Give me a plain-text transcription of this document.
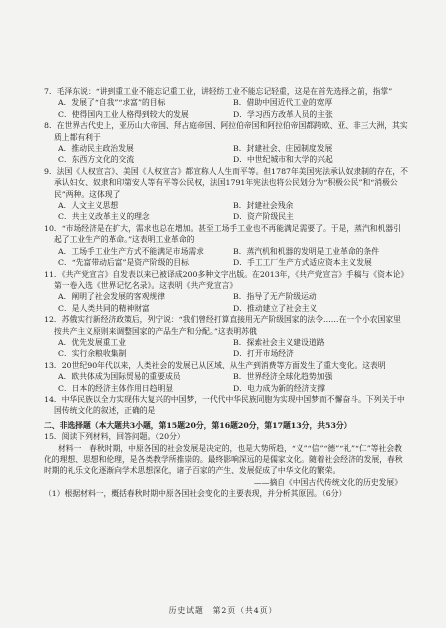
7．毛泽东说：“讲到重工业不能忘记重工业，讲轻纺工业不能忘记轻重，这是在首先选择之前，指掌”
A．发展了“自我”“求富”的目标	B．借助中国近代工业的宽厚
C．使得国内工业人格得到较大的发展	D．学习西方改革人员的主张
8．在世界古代史上，亚历山大帝国、拜占庭帝国、阿拉伯帝国和阿拉伯帝国都跨欧、亚、非三大洲，其实质上都有利于
A．推动民主政治发展	B．封建社会、庄园制度发展
C．东西方文化的交流	D．中世纪城市和大学的兴起
9．法国《人权宣言》、美国《人权宣言》都宣称人人生而平等。但1787年美国宪法承认奴隶制的存在，不承认妇女、奴隶和印第安人等有平等公民权，法国1791年宪法也将公民划分为“积极公民”和“消极公民”两种。这体现了
A．人文主义思想	B．封建社会残余
C．共主义改革主义的理念	D．资产阶级民主
10．“市场经济是在扩大，需求也总在增加。甚至工场手工业也不再能满足需要了。于是，蒸汽和机器引起了工业生产的革命。”这表明工业革命的
A．工场手工业生产方式不能满足市场需求	B．蒸汽机和机器的发明是工业革命的条件
C．“先富带动后富”是资产阶级的目标	D．手工工厂生产方式适应资本主义发展
11．《共产党宣言》自发表以来已被译成200多种文字出版。在2013年，《共产党宣言》手稿与《资本论》第一卷入选《世界记忆名录》。这表明《共产党宣言》
A．阐明了社会发展的客观规律	B．指导了无产阶级运动
C．是人类共同的精神财富	D．推动建立了社会主义
12．苏俄实行新经济政策后，列宁说：“我们曾经打算直接用无产阶级国家的法令……在一个小农国家里按共产主义原则来调整国家的产品生产和分配。”这表明苏俄
A．优先发展重工业	B．探索社会主义建设道路
C．实行余粮收集制	D．打开市场经济
13．20世纪90年代以来，人类社会的发展已从区域、从生产到消费等方面发生了重大变化。这表明
A．欧共体成为国际贸易的重要成员	B．世界经济全球化趋势加强
C．日本的经济主体作用日趋明显	D．电力成为新的经济支撑
14．中华民族以全力实现伟大复兴的中国梦，一代代中华民族同胞为实现中国梦而不懈奋斗。下列关于中国传统文化的叙述，正确的是
二、非选择题（本大题共3小题，第15题20分，第16题20分，第17题13分，共53分）
15．阅读下列材料，回答问题。（20分）
材料一　春秋时期，中原各国的社会发展是决定的，也是大势所趋，“义”“信”“德”“礼”“仁”等社会教化的理想、思想和伦理，是各类教学所推崇的。最终影响深远的是儒家文化。随着社会经济的发展，春秋时期的礼乐文化逐渐向学术思想深化，诸子百家的产生、发展促成了中华文化的繁荣。
——摘自《中国古代传统文化的历史发展》
（1）根据材料一，概括春秋时期中原各国社会变化的主要表现，并分析其原因。（6分）
历史试题　第2页（共4页）
